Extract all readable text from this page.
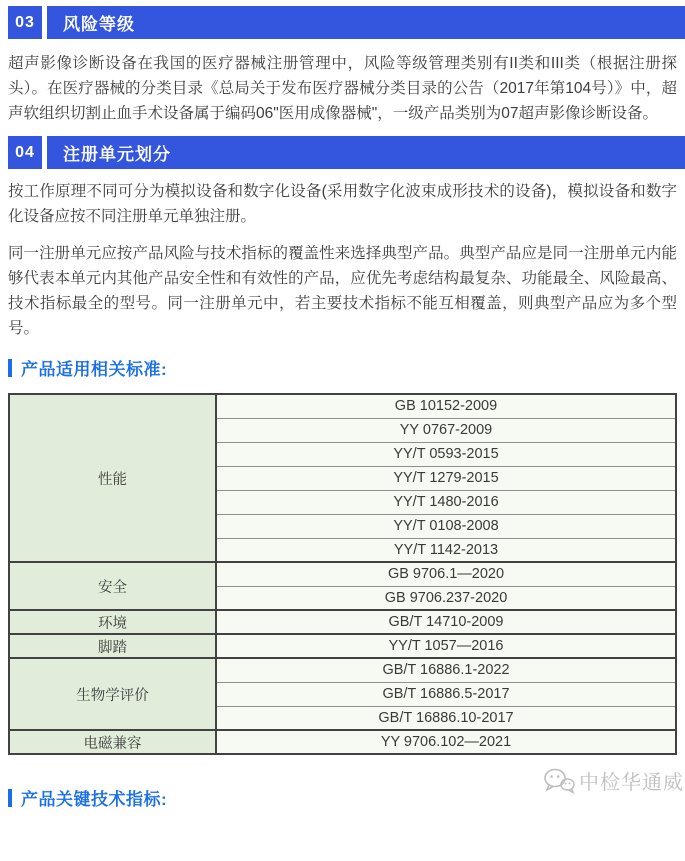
03	风险等级

超声影像诊断设备在我国的医疗器械注册管理中，风险等级管理类别有II类和III类（根据注册探头）。在医疗器械的分类目录《总局关于发布医疗器械分类目录的公告（2017年第104号）》中，超声软组织切割止血手术设备属于编码06"医用成像器械"，一级产品类别为07超声影像诊断设备。

04	注册单元划分

按工作原理不同可分为模拟设备和数字化设备(采用数字化波束成形技术的设备)，模拟设备和数字化设备应按不同注册单元单独注册。

同一注册单元应按产品风险与技术指标的覆盖性来选择典型产品。典型产品应是同一注册单元内能够代表本单元内其他产品安全性和有效性的产品，应优先考虑结构最复杂、功能最全、风险最高、技术指标最全的型号。同一注册单元中，若主要技术指标不能互相覆盖，则典型产品应为多个型号。

产品适用相关标准:
性能	GB 10152-2009
	YY 0767-2009
	YY/T 0593-2015
	YY/T 1279-2015
	YY/T 1480-2016
	YY/T 0108-2008
	YY/T 1142-2013
安全	GB 9706.1—2020
	GB 9706.237-2020
环境	GB/T 14710-2009
脚踏	YY/T 1057—2016
生物学评价	GB/T 16886.1-2022
	GB/T 16886.5-2017
	GB/T 16886.10-2017
电磁兼容	YY 9706.102—2021
产品关键技术指标:
中检华通威
